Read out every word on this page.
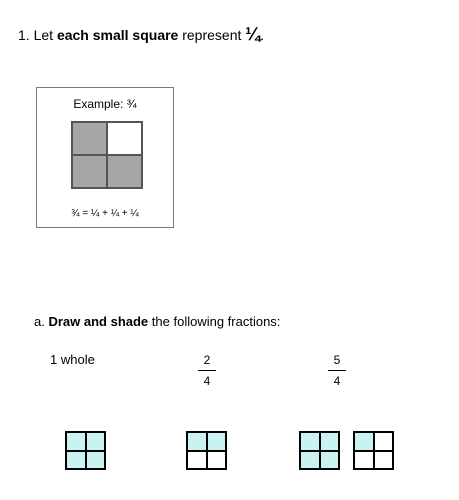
1. Let each small square represent ¼.
Example: ¾
¾ = ¼ + ¼ + ¼
a. Draw and shade the following fractions:
1 whole	2
4
5
4
